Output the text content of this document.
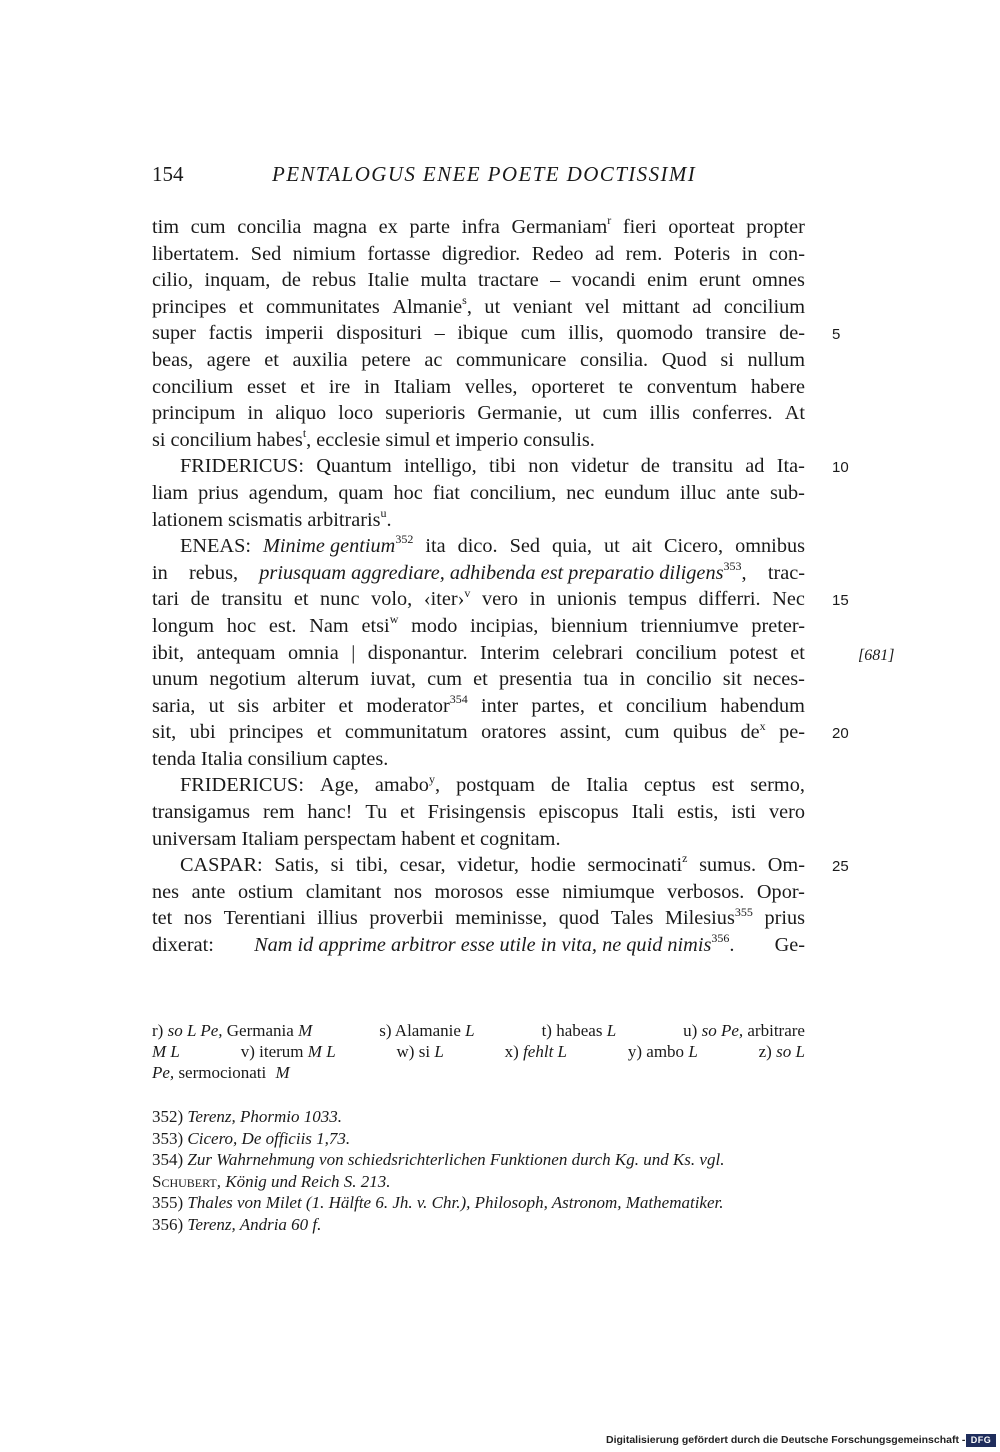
154	PENTALOGUS ENEE POETE DOCTISSIMI
tim cum concilia magna ex parte infra Germaniam$^r$ fieri oporteat propter
libertatem. Sed nimium fortasse digredior. Redeo ad rem. Poteris in con-
cilio, inquam, de rebus Italie multa tractare – vocandi enim erunt omnes
principes et communitates Almanie$^s$, ut veniant vel mittant ad concilium
super factis imperii dispositurі – ibique cum illis, quomodo transire de-
beas, agere et auxilia petere ac communicare consilia. Quod si nullum
concilium esset et ire in Italiam velles, oporteret te conventum habere
principum in aliquo loco superioris Germanie, ut cum illis conferres. At
si concilium habes$^t$, ecclesie simul et imperio consulis.
FRIDERICUS: Quantum intelligo, tibi non videtur de transitu ad Ita-
liam prius agendum, quam hoc fiat concilium, nec eundum illuc ante sub-
lationem scismatis arbitraris$^u$.
ENEAS: Minime gentium$^{352}$ ita dico. Sed quia, ut ait Cicero, omnibus
in rebus, priusquam aggrediare, adhibenda est preparatio diligens$^{353}$, trac-
tari de transitu et nunc volo, ‹iter›$^v$ vero in unionis tempus differri. Nec
longum hoc est. Nam etsi$^w$ modo incipias, biennium trienniumve preter-
ibit, antequam omnia | disponantur. Interim celebrari concilium potest et
unum negotium alterum iuvat, cum et presentia tua in concilio sit neces-
saria, ut sis arbiter et moderator$^{354}$ inter partes, et concilium habendum
sit, ubi principes et communitatum oratores assint, cum quibus $de^x$ pe-
tenda Italia consilium captes.
FRIDERICUS: Age, amabo$^y$, postquam de Italia ceptus est sermo,
transigamus rem hanc! Tu et Frisingensis episcopus Itali estis, isti vero
universam Italiam perspectam habent et cognitam.
CASPAR: Satis, si tibi, cesar, videtur, hodie sermocinati$^z$ sumus. Om-
nes ante ostium clamitant nos morosos esse nimiumque verbosos. Opor-
tet nos Terentiani illius proverbii meminisse, quod Tales Milesius$^{355}$ prius
dixerat: Nam id apprime arbitror esse utile in vita, ne quid nimis$^{356}$. Ge-
5
10
15
20
25
[681]
r) so L Pe, Germania M	s) Alamanie L	t) habeas L	u) so Pe, arbitrare
M L	v) iterum M L	w) si L	x) fehlt L	y) ambo L	z) so L
Pe, sermocionati M
352) Terenz, Phormio 1033.
353) Cicero, De officiis 1,73.
354) Zur Wahrnehmung von schiedsrichterlichen Funktionen durch Kg. und Ks. vgl.
Schubert, König und Reich S. 213.
355) Thales von Milet (1. Hälfte 6. Jh. v. Chr.), Philosoph, Astronom, Mathematiker.
356) Terenz, Andria 60 f.
Digitalisierung gefördert durch die Deutsche Forschungsgemeinschaft - DFG
